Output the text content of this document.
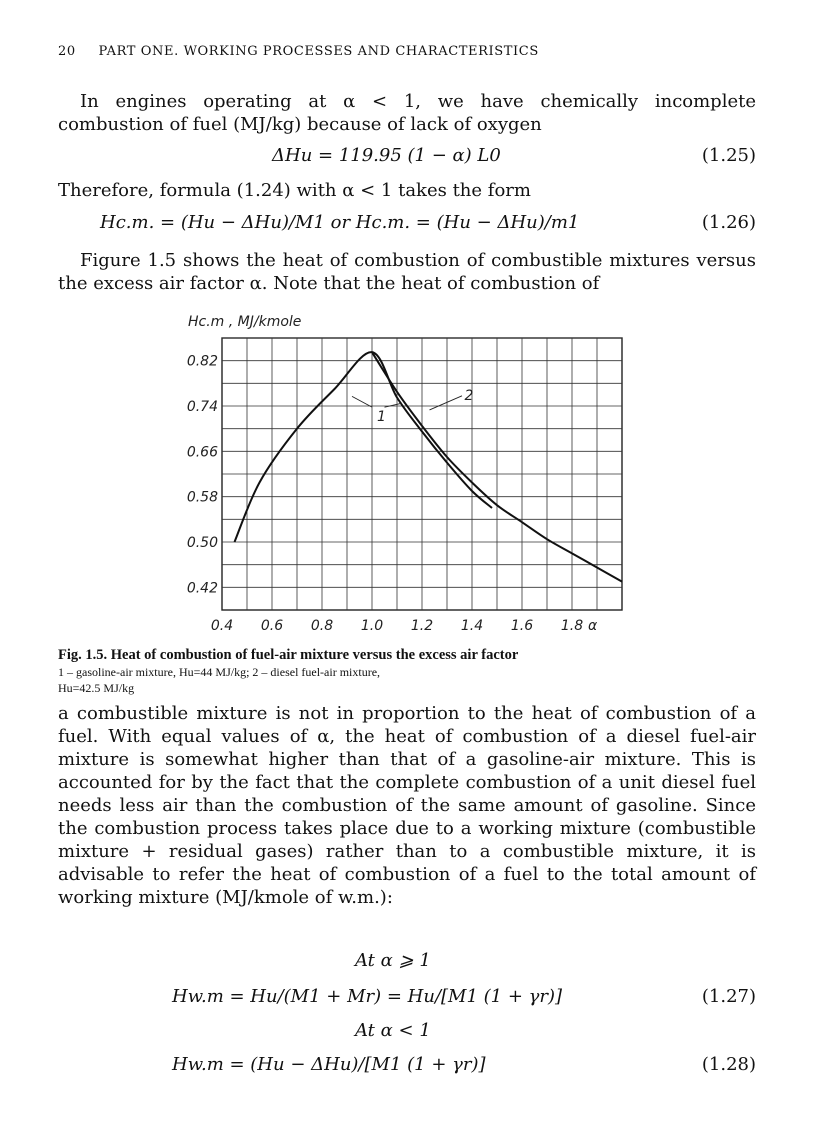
20 PART ONE. WORKING PROCESSES AND CHARACTERISTICS
In engines operating at α < 1, we have chemically incomplete combustion of fuel (MJ/kg) because of lack of oxygen
ΔHu = 119.95 (1 − α) L0	(1.25)
Therefore, formula (1.24) with α < 1 takes the form
Hc.m. = (Hu − ΔHu)/M1 or Hc.m. = (Hu − ΔHu)/m1	(1.26)
Figure 1.5 shows the heat of combustion of combustible mixtures versus the excess air factor α. Note that the heat of combustion of
0.4 0.6 0.8 1.0 1.2 1.4 1.6 1.8 α
0.82
0.74
0.66
0.58
0.50
0.42
Hc.m , MJ/kmole
1
2
Fig. 1.5. Heat of combustion of fuel-air mixture versus the excess air factor
1 – gasoline-air mixture, Hu=44 MJ/kg; 2 – diesel fuel-air mixture,
Hu=42.5 MJ/kg
a combustible mixture is not in proportion to the heat of combustion of a fuel. With equal values of α, the heat of combustion of a diesel fuel-air mixture is somewhat higher than that of a gasoline-air mixture. This is accounted for by the fact that the complete combustion of a unit diesel fuel needs less air than the combustion of the same amount of gasoline. Since the combustion process takes place due to a working mixture (combustible mixture + residual gases) rather than to a combustible mixture, it is advisable to refer the heat of combustion of a fuel to the total amount of working mixture (MJ/kmole of w.m.):
At α ⩾ 1
Hw.m = Hu/(M1 + Mr) = Hu/[M1 (1 + γr)]	(1.27)
At α < 1
Hw.m = (Hu − ΔHu)/[M1 (1 + γr)]	(1.28)
